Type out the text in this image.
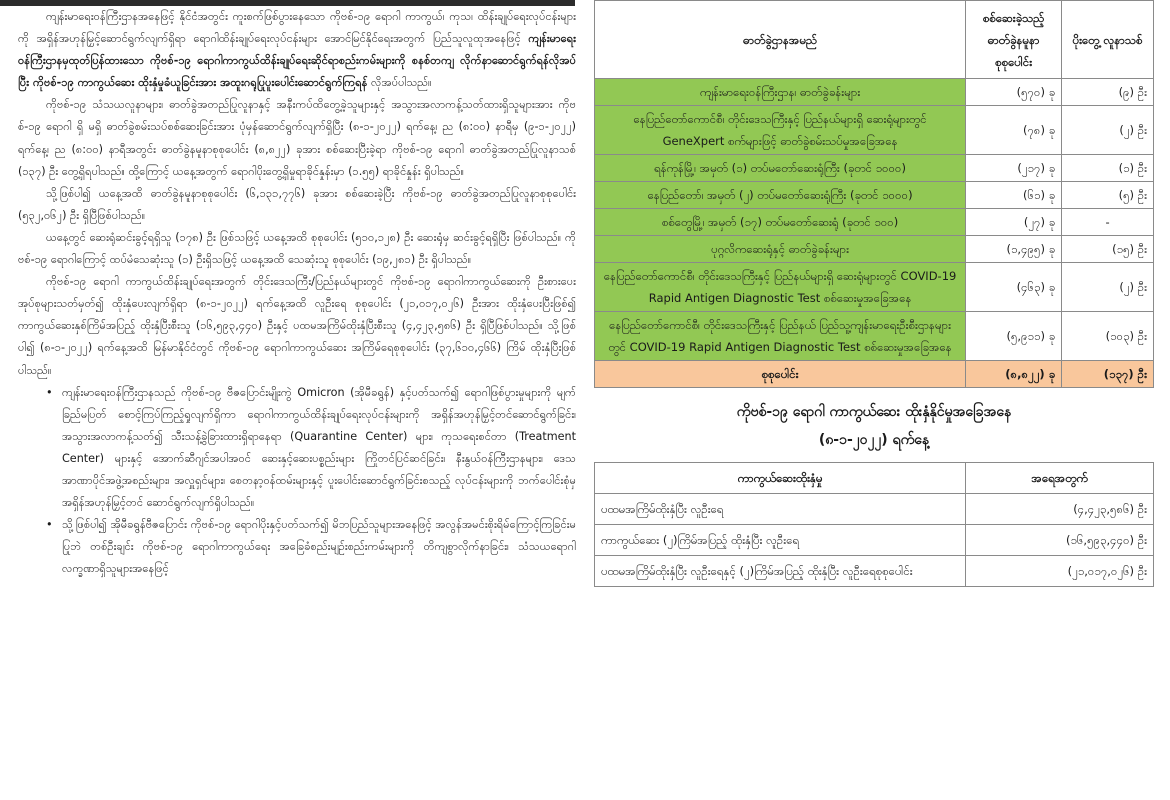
ကျန်းမာရေးဝန်ကြီးဌာနအနေဖြင့် နိုင်ငံအတွင်း ကူးစက်ဖြစ်ပွားနေသော ကိုဗစ်-၁၉ ရောဂါ ကာကွယ်၊ ကုသ၊ ထိန်းချုပ်ရေးလုပ်ငန်းများကို အရှိန်အဟုန်မြှင့်ဆောင်ရွက်လျက်ရှိရာ ရောဂါထိန်းချုပ်ရေးလုပ်ငန်းများ အောင်မြင်နိုင်ရေးအတွက် ပြည်သူလူထုအနေဖြင့် ကျန်းမာရေးဝန်ကြီးဌာနမှထုတ်ပြန်ထားသော ကိုဗစ်-၁၉ ရောဂါကာကွယ်ထိန်းချုပ်ရေးဆိုင်ရာစည်းကမ်းများကို စနစ်တကျ လိုက်နာဆောင်ရွက်ရန်လိုအပ်ပြီး ကိုဗစ်-၁၉ ကာကွယ်ဆေး ထိုးနှံမှုခံယူခြင်းအား အထူးဂရုပြုပူးပေါင်းဆောင်ရွက်ကြရန် လိုအပ်ပါသည်။

ကိုဗစ်-၁၉ သံသယလူနာများ၊ ဓာတ်ခွဲအတည်ပြုလူနာနှင့် အနီးကပ်ထိတွေ့ခဲ့သူများနှင့် အသွားအလာကန့်သတ်ထားရှိသူများအား ကိုဗစ်-၁၉ ရောဂါ ရှိ မရှိ ဓာတ်ခွဲစမ်းသပ်စစ်ဆေးခြင်းအား ပုံမှန်ဆောင်ရွက်လျက်ရှိပြီး (၈-၁-၂၀၂၂) ရက်နေ့၊ ည (၈:၀၀) နာရီမှ (၉-၁-၂၀၂၂) ရက်နေ့၊ ည (၈:၀၀) နာရီအတွင်း ဓာတ်ခွဲနမူနာစုစုပေါင်း (၈,၈၂၂) ခုအား စစ်ဆေးပြီးခဲ့ရာ ကိုဗစ်-၁၉ ရောဂါ ဓာတ်ခွဲအတည်ပြုလူနာသစ် (၁၃၇) ဦး တွေ့ရှိရပါသည်။ ထို့ကြောင့် ယနေ့အတွက် ရောဂါပိုးတွေ့ရှိမှုရာခိုင်နှုန်းမှာ (၁.၅၅) ရာခိုင်နှုန်း ရှိပါသည်။

သို့ဖြစ်ပါ၍ ယနေ့အထိ ဓာတ်ခွဲနမူနာစုစုပေါင်း (၆,၁၃၁,၇၇၆) ခုအား စစ်ဆေးခဲ့ပြီး ကိုဗစ်-၁၉ ဓာတ်ခွဲအတည်ပြုလူနာစုစုပေါင်း (၅၃၂,၀၆၂) ဦး ရှိပြီဖြစ်ပါသည်။

ယနေ့တွင် ဆေးရုံဆင်းခွင့်ရရှိသူ (၁၇၈) ဦး ဖြစ်သဖြင့် ယနေ့အထိ စုစုပေါင်း (၅၁၀,၁၂၈) ဦး ဆေးရုံမှ ဆင်းခွင့်ရရှိပြီး ဖြစ်ပါသည်။ ကိုဗစ်-၁၉ ရောဂါကြောင့် ထပ်မံသေဆုံးသူ (၁) ဦးရှိသဖြင့် ယနေ့အထိ သေဆုံးသူ စုစုပေါင်း (၁၉,၂၈၁) ဦး ရှိပါသည်။

ကိုဗစ်-၁၉ ရောဂါ ကာကွယ်ထိန်းချုပ်ရေးအတွက် တိုင်းဒေသကြီး/ပြည်နယ်များတွင် ကိုဗစ်-၁၉ ရောဂါကာကွယ်ဆေးကို ဦးစားပေးအုပ်စုများသတ်မှတ်၍ ထိုးနှံပေးလျက်ရှိရာ (၈-၁-၂၀၂၂) ရက်နေ့အထိ လူဦးရေ စုစုပေါင်း (၂၁,၀၁၇,၀၂၆) ဦးအား ထိုးနှံပေးပြီးဖြစ်၍ ကာကွယ်ဆေးနှစ်ကြိမ်အပြည့် ထိုးနှံပြီးစီးသူ (၁၆,၅၉၃,၄၄၀) ဦးနှင့် ပထမအကြိမ်ထိုးနှံပြီးစီးသူ (၄,၄၂၃,၅၈၆) ဦး ရှိပြီဖြစ်ပါသည်။ သို့ဖြစ်ပါ၍ (၈-၁-၂၀၂၂) ရက်နေ့အထိ မြန်မာနိုင်ငံတွင် ကိုဗစ်-၁၉ ရောဂါကာကွယ်ဆေး အကြိမ်ရေစုစုပေါင်း (၃၇,၆၁၀,၄၆၆) ကြိမ် ထိုးနှံပြီးဖြစ်ပါသည်။

• ကျန်းမာရေးဝန်ကြီးဌာနသည် ကိုဗစ်-၁၉ ဗီဇပြောင်းမျိုးကွဲ Omicron (အိုမီခရွန်) နှင့်ပတ်သက်၍ ရောဂါဖြစ်ပွားမှုများကို မျက်ခြည်မပြတ် စောင့်ကြပ်ကြည့်ရှုလျက်ရှိကာ ရောဂါကာကွယ်ထိန်းချုပ်ရေးလုပ်ငန်းများကို အရှိန်အဟုန်မြှင့်တင်ဆောင်ရွက်ခြင်း၊ အသွားအလာကန့်သတ်၍ သီးသန့်ခွဲခြားထားရှိရာနေရာ (Quarantine Center) များ၊ ကုသရေးစင်တာ (Treatment Center) များနှင့် အောက်ဆီဂျင်အပါအဝင် ဆေးနှင့်ဆေးပစ္စည်းများ ကြိုတင်ပြင်ဆင်ခြင်း၊ နီးနွယ်ဝန်ကြီးဌာနများ၊ ဒေသအာဏာပိုင်အဖွဲ့အစည်းများ၊ အလှူရှင်များ၊ စေတနာ့ဝန်ထမ်းများနှင့် ပူးပေါင်းဆောင်ရွက်ခြင်းစသည့် လုပ်ငန်းများကို ဘက်ပေါင်းစုံမှ အရှိန်အဟုန်မြှင့်တင် ဆောင်ရွက်လျက်ရှိပါသည်။
• သို့ဖြစ်ပါ၍ အိုမီခရွန်ဗီဇပြောင်း ကိုဗစ်-၁၉ ရောဂါပိုးနှင့်ပတ်သက်၍ မိဘပြည်သူများအနေဖြင့် အလွန်အမင်းစိုးရိမ်ကြောင့်ကြခြင်းမပြုဘဲ တစ်ဦးချင်း ကိုဗစ်-၁၉ ရောဂါကာကွယ်ရေး အခြေခံစည်းမျဉ်းစည်းကမ်းများကို တိကျစွာလိုက်နာခြင်း၊ သံသယရောဂါလက္ခဏာရှိသူများအနေဖြင့်
ဓာတ်ခွဲဌာနအမည်	စစ်ဆေးခဲ့သည့် ဓာတ်ခွဲနမူနာ စုစုပေါင်း	ပိုးတွေ့ လူနာသစ်
ကျန်းမာရေးဝန်ကြီးဌာန၊ ဓာတ်ခွဲခန်းများ	(၅၇၀) ခု	(၉) ဦး
နေပြည်တော်ကောင်စီ၊ တိုင်းဒေသကြီးနှင့် ပြည်နယ်များရှိ ဆေးရုံများတွင် GeneXpert စက်များဖြင့် ဓာတ်ခွဲစမ်းသပ်မှုအခြေအနေ	(၇၈) ခု	(၂) ဦး
ရန်ကုန်မြို့၊ အမှတ် (၁) တပ်မတော်ဆေးရုံကြီး (ခုတင် ၁၀၀၀)	(၂၁၇) ခု	(၁) ဦး
နေပြည်တော်၊ အမှတ် (၂) တပ်မတော်ဆေးရုံကြီး (ခုတင် ၁၀၀၀)	(၆၁) ခု	(၅) ဦး
စစ်တွေမြို့၊ အမှတ် (၁၇) တပ်မတော်ဆေးရုံ (ခုတင် ၁၀၀)	(၂၇) ခု	-
ပုဂ္ဂလိကဆေးရုံနှင့် ဓာတ်ခွဲခန်းများ	(၁,၄၉၅) ခု	(၁၅) ဦး
နေပြည်တော်ကောင်စီ၊ တိုင်းဒေသကြီးနှင့် ပြည်နယ်များရှိ ဆေးရုံများတွင် COVID-19 Rapid Antigen Diagnostic Test စစ်ဆေးမှုအခြေအနေ	(၄၆၃) ခု	(၂) ဦး
နေပြည်တော်ကောင်စီ၊ တိုင်းဒေသကြီးနှင့် ပြည်နယ် ပြည်သူ့ကျန်းမာရေးဦးစီးဌာနများတွင် COVID-19 Rapid Antigen Diagnostic Test စစ်ဆေးမှုအခြေအနေ	(၅,၉၁၁) ခု	(၁၀၃) ဦး
စုစုပေါင်း	(၈,၈၂၂) ခု	(၁၃၇) ဦး
ကိုဗစ်-၁၉ ရောဂါ ကာကွယ်ဆေး ထိုးနှံနိုင်မှုအခြေအနေ
(၈-၁-၂၀၂၂) ရက်နေ့
ကာကွယ်ဆေးထိုးနှံမှု	အရေအတွက်
ပထမအကြိမ်ထိုးနှံပြီး လူဦးရေ	(၄,၄၂၃,၅၈၆) ဦး
ကာကွယ်ဆေး (၂)ကြိမ်အပြည့် ထိုးနှံပြီး လူဦးရေ	(၁၆,၅၉၃,၄၄၀) ဦး
ပထမအကြိမ်ထိုးနှံပြီး လူဦးရေနှင့် (၂)ကြိမ်အပြည့် ထိုးနှံပြီး လူဦးရေစုစုပေါင်း	(၂၁,၀၁၇,၀၂၆) ဦး
